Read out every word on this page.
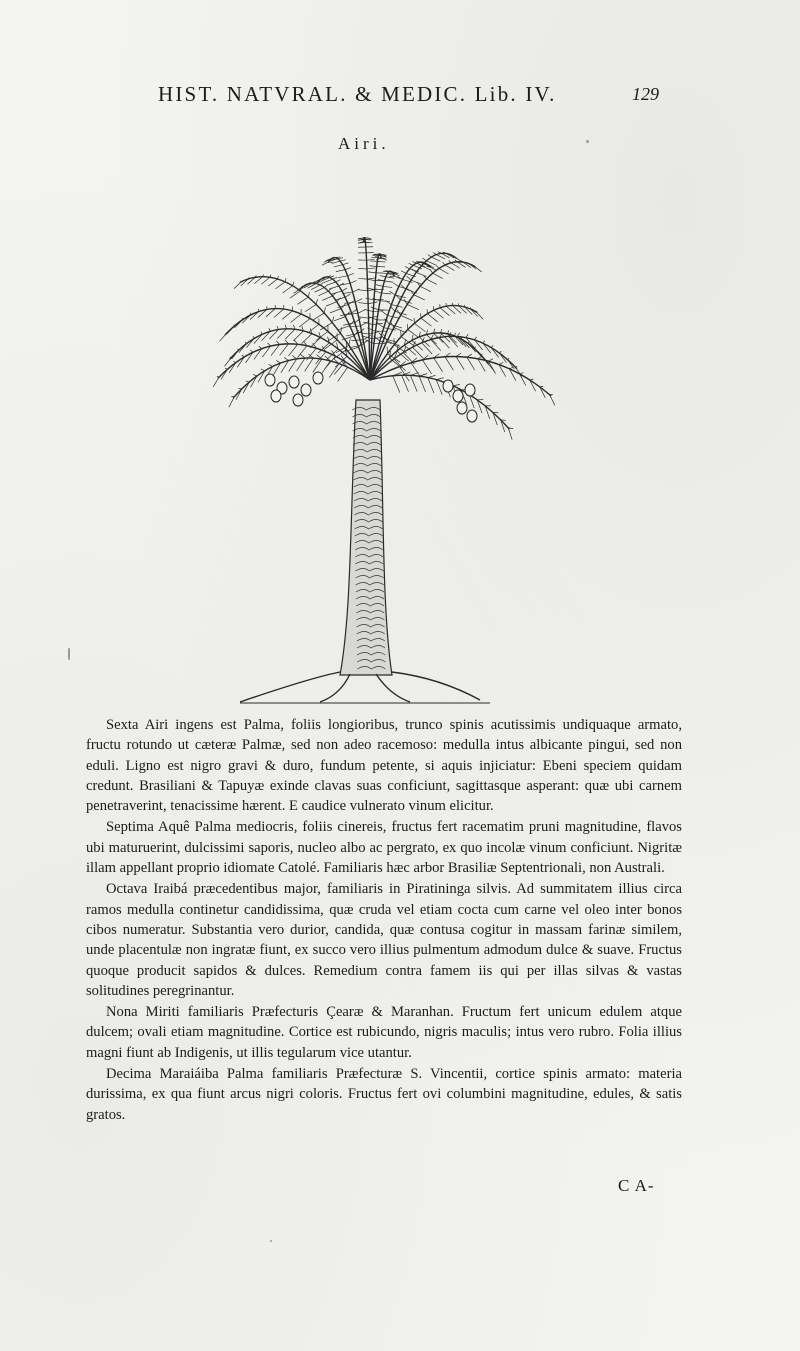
HIST. NATVRAL. & MEDIC. Lib. IV.	129
Airi.

Sexta Airi ingens est Palma, foliis longioribus, trunco spinis acutissimis undiquaque armato, fructu rotundo ut cæteræ Palmæ, sed non adeo racemoso: medulla intus albicante pingui, sed non eduli. Ligno est nigro gravi & duro, fundum petente, si aquis injiciatur: Ebeni speciem quidam credunt. Brasiliani & Tapuyæ exinde clavas suas conficiunt, sagittasque asperant: quæ ubi carnem penetraverint, tenacissime hærent. E caudice vulnerato vinum elicitur.

Septima Aquê Palma mediocris, foliis cinereis, fructus fert racematim pruni magnitudine, flavos ubi maturuerint, dulcissimi saporis, nucleo albo ac pergrato, ex quo incolæ vinum conficiunt. Nigritæ illam appellant proprio idiomate Catolé. Familiaris hæc arbor Brasiliæ Septentrionali, non Australi.

Octava Iraibá præcedentibus major, familiaris in Piratininga silvis. Ad summitatem illius circa ramos medulla continetur candidissima, quæ cruda vel etiam cocta cum carne vel oleo inter bonos cibos numeratur. Substantia vero durior, candida, quæ contusa cogitur in massam farinæ similem, unde placentulæ non ingratæ fiunt, ex succo vero illius pulmentum admodum dulce & suave. Fructus quoque producit sapidos & dulces. Remedium contra famem iis qui per illas silvas & vastas solitudines peregrinantur.

Nona Miriti familiaris Præfecturis Çearæ & Maranhan. Fructum fert unicum edulem atque dulcem; ovali etiam magnitudine. Cortice est rubicundo, nigris maculis; intus vero rubro. Folia illius magni fiunt ab Indigenis, ut illis tegularum vice utantur.

Decima Maraiáiba Palma familiaris Præfecturæ S. Vincentii, cortice spinis armato: materia durissima, ex qua fiunt arcus nigri coloris. Fructus fert ovi columbini magnitudine, edules, & satis gratos.

C A-
